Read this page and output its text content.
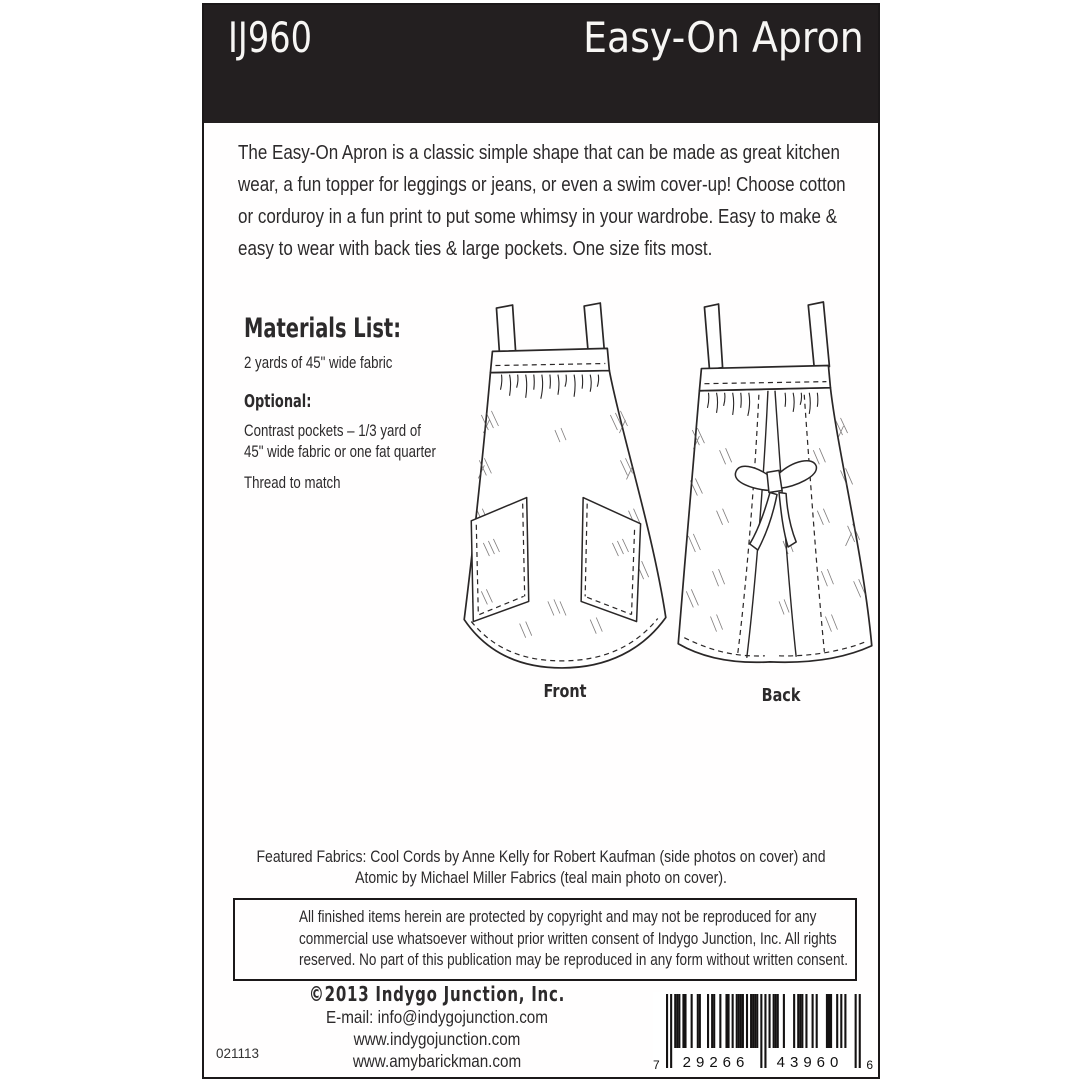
IJ960	Easy-On Apron
The Easy-On Apron is a classic simple shape that can be made as great kitchen
wear, a fun topper for leggings or jeans, or even a swim cover-up! Choose cotton
or corduroy in a fun print to put some whimsy in your wardrobe. Easy to make &
easy to wear with back ties & large pockets. One size fits most.
Materials List:
2 yards of 45" wide fabric
Optional:
Contrast pockets – 1/3 yard of
45" wide fabric or one fat quarter
Thread to match
Front	Back
Featured Fabrics: Cool Cords by Anne Kelly for Robert Kaufman (side photos on cover) and
Atomic by Michael Miller Fabrics (teal main photo on cover).
All finished items herein are protected by copyright and may not be reproduced for any
commercial use whatsoever without prior written consent of Indygo Junction, Inc. All rights
reserved. No part of this publication may be reproduced in any form without written consent.
©2013 Indygo Junction, Inc.
E-mail: info@indygojunction.com
www.indygojunction.com
www.amybarickman.com	7	29266	43960	6
021113
